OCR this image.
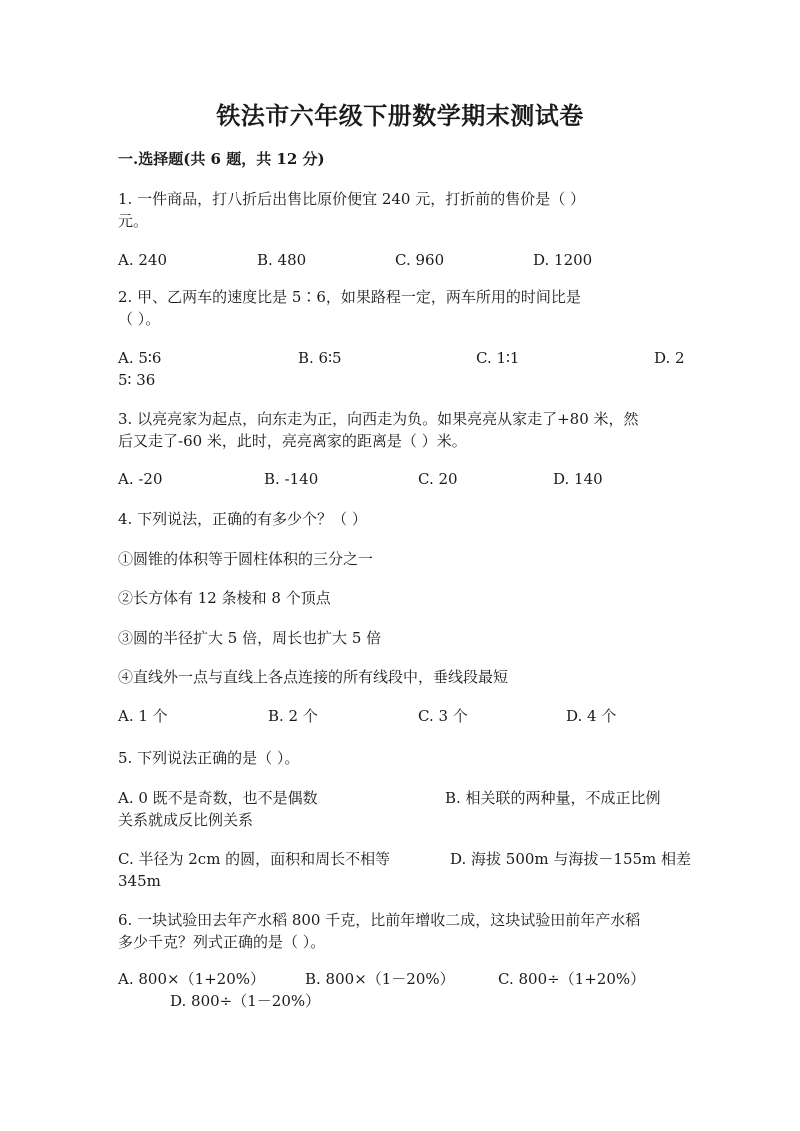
铁法市六年级下册数学期末测试卷
一.选择题(共 6 题，共 12 分)
1. 一件商品，打八折后出售比原价便宜 240 元，打折前的售价是（ ）
元。
A. 240	B. 480	C. 960	D. 1200
2. 甲、乙两车的速度比是 5∶6，如果路程一定，两车所用的时间比是
（ ）。
A. 5∶6	B. 6∶5	C. 1∶1	D. 2
5∶ 36
3. 以亮亮家为起点，向东走为正，向西走为负。如果亮亮从家走了+80 米，然
后又走了-60 米，此时，亮亮离家的距离是（ ）米。
A. -20	B. -140	C. 20	D. 140
4. 下列说法，正确的有多少个？（ ）
①圆锥的体积等于圆柱体积的三分之一
②长方体有 12 条棱和 8 个顶点
③圆的半径扩大 5 倍，周长也扩大 5 倍
④直线外一点与直线上各点连接的所有线段中，垂线段最短
A. 1 个	B. 2 个	C. 3 个	D. 4 个
5. 下列说法正确的是（ ）。
A. 0 既不是奇数，也不是偶数	B. 相关联的两种量，不成正比例
关系就成反比例关系
C. 半径为 2cm 的圆，面积和周长不相等	D. 海拔 500m 与海拔－155m 相差
345m
6. 一块试验田去年产水稻 800 千克，比前年增收二成，这块试验田前年产水稻
多少千克？列式正确的是（ ）。
A. 800×（1+20%）	B. 800×（1－20%）	C. 800÷（1+20%）
D. 800÷（1－20%）
